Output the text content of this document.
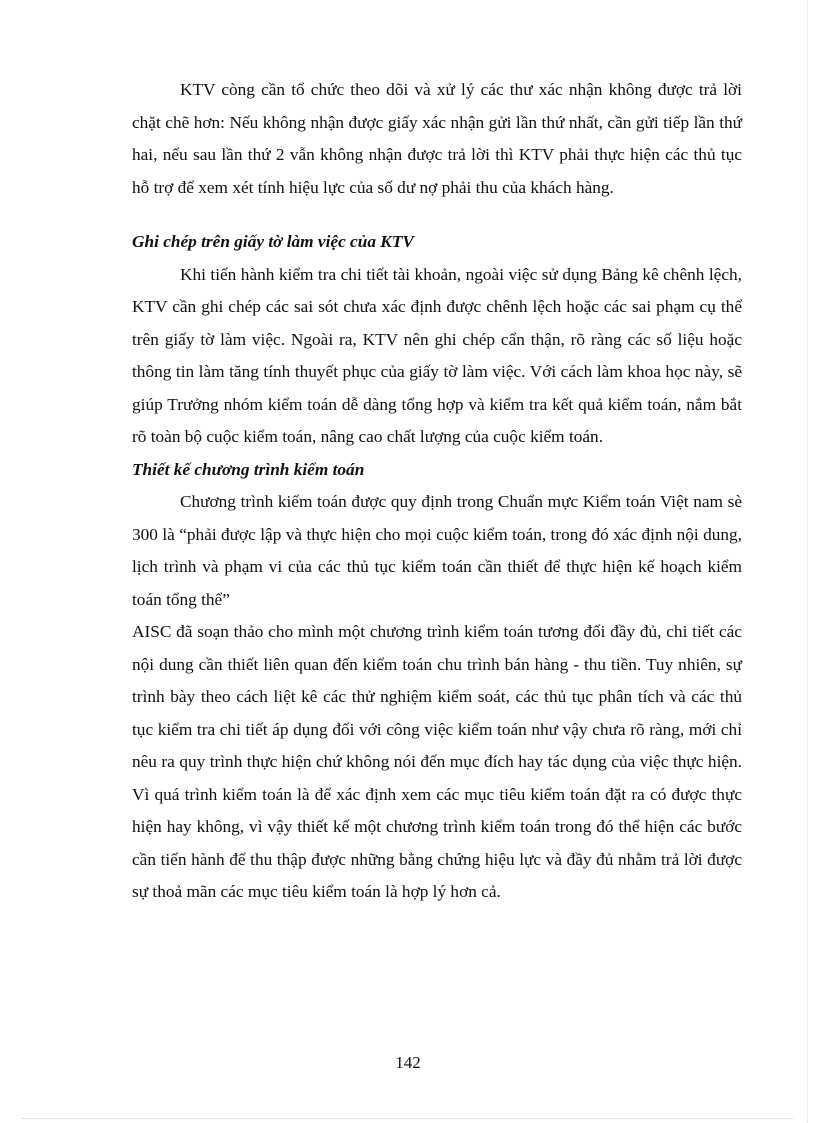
KTV còng cần tổ chức theo dõi và xử lý các thư xác nhận không được trả lời chặt chẽ hơn: Nếu không nhận được giấy xác nhận gửi lần thứ nhất, cần gửi tiếp lần thứ hai, nếu sau lần thứ 2 vẫn không nhận được trả lời thì KTV phải thực hiện các thủ tục hỗ trợ để xem xét tính hiệu lực của số dư nợ phải thu của khách hàng.

Ghi chép trên giấy tờ làm việc của KTV

Khi tiến hành kiểm tra chi tiết tài khoản, ngoài việc sử dụng Bảng kê chênh lệch, KTV cần ghi chép các sai sót chưa xác định được chênh lệch hoặc các sai phạm cụ thể trên giấy tờ làm việc. Ngoài ra, KTV nên ghi chép cẩn thận, rõ ràng các số liệu hoặc thông tin làm tăng tính thuyết phục của giấy tờ làm việc. Với cách làm khoa học này, sẽ giúp Trưởng nhóm kiểm toán dễ dàng tổng hợp và kiểm tra kết quả kiểm toán, nắm bắt rõ toàn bộ cuộc kiểm toán, nâng cao chất lượng của cuộc kiểm toán.

Thiết kế chương trình kiểm toán

Chương trình kiểm toán được quy định trong Chuẩn mực Kiểm toán Việt nam sè 300 là “phải được lập và thực hiện cho mọi cuộc kiểm toán, trong đó xác định nội dung, lịch trình và phạm vi của các thủ tục kiểm toán cần thiết để thực hiện kế hoạch kiểm toán tổng thể”

AISC đã soạn thảo cho mình một chương trình kiểm toán tương đối đầy đủ, chi tiết các nội dung cần thiết liên quan đến kiểm toán chu trình bán hàng - thu tiền. Tuy nhiên, sự trình bày theo cách liệt kê các thử nghiệm kiểm soát, các thủ tục phân tích và các thủ tục kiểm tra chi tiết áp dụng đối với công việc kiểm toán như vậy chưa rõ ràng, mới chỉ nêu ra quy trình thực hiện chứ không nói đến mục đích hay tác dụng của việc thực hiện. Vì quá trình kiểm toán là để xác định xem các mục tiêu kiểm toán đặt ra có được thực hiện hay không, vì vậy thiết kế một chương trình kiểm toán trong đó thể hiện các bước cần tiến hành để thu thập được những bằng chứng hiệu lực và đầy đủ nhằm trả lời được sự thoả mãn các mục tiêu kiểm toán là hợp lý hơn cả.

142
